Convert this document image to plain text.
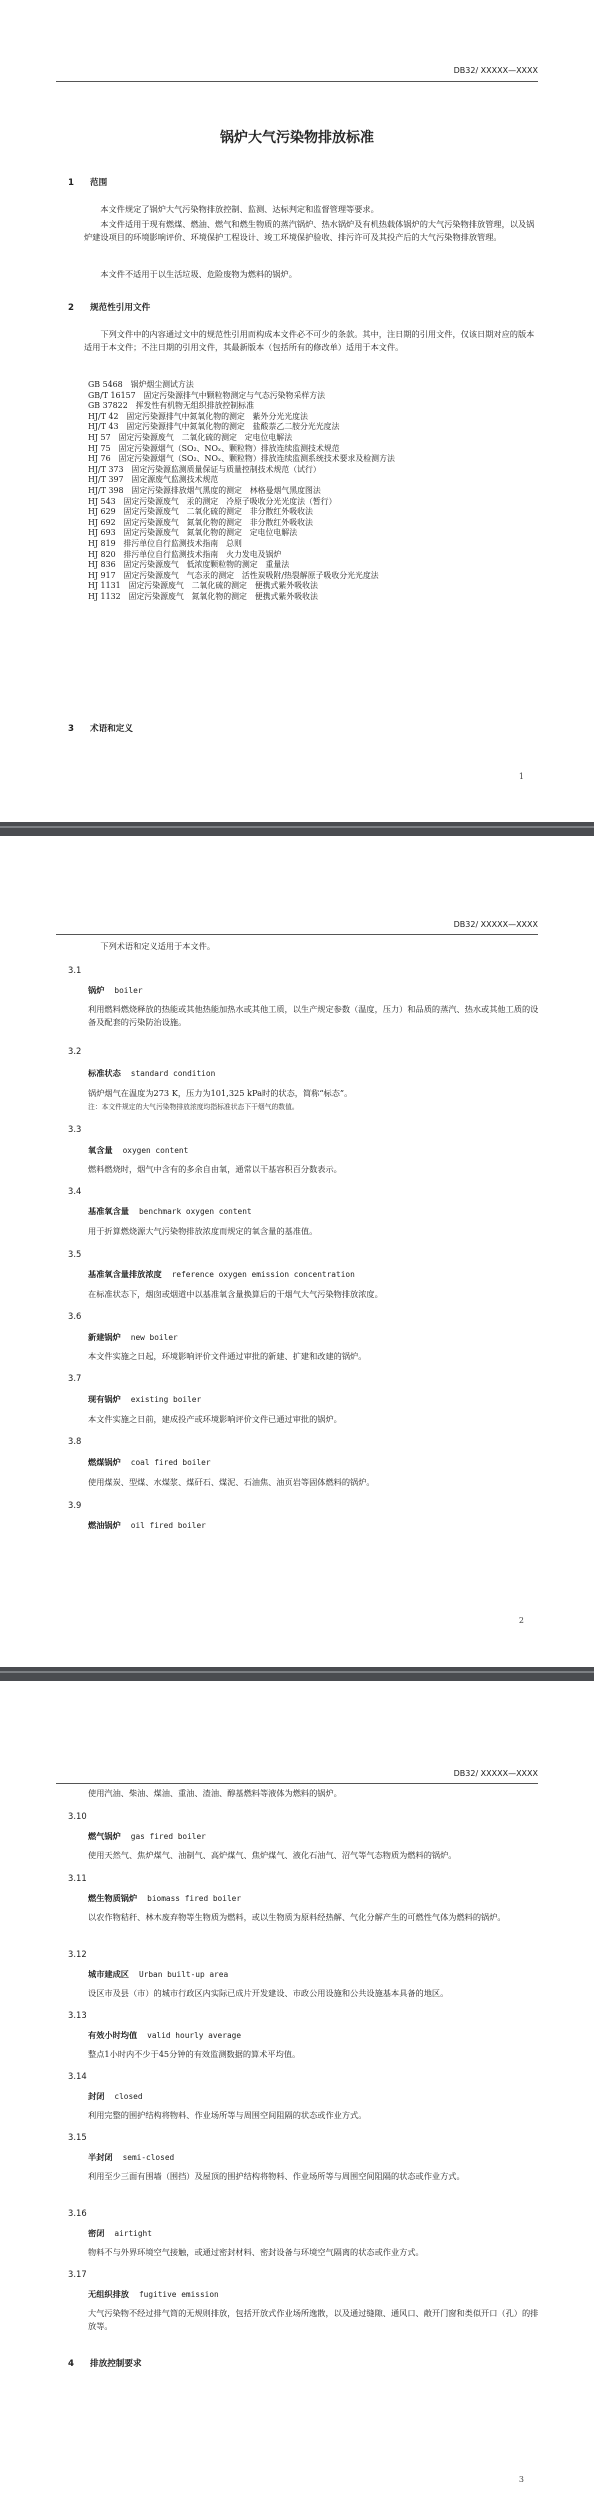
DB32/ XXXXX—XXXX
锅炉大气污染物排放标准
1 范围
本文件规定了锅炉大气污染物排放控制、监测、达标判定和监督管理等要求。
本文件适用于现有燃煤、燃油、燃气和燃生物质的蒸汽锅炉、热水锅炉及有机热载体锅炉的大气污染物排放管理，以及锅炉建设项目的环境影响评价、环境保护工程设计、竣工环境保护验收、排污许可及其投产后的大气污染物排放管理。
本文件不适用于以生活垃圾、危险废物为燃料的锅炉。
2 规范性引用文件
下列文件中的内容通过文中的规范性引用而构成本文件必不可少的条款。其中，注日期的引用文件，仅该日期对应的版本适用于本文件；不注日期的引用文件，其最新版本（包括所有的修改单）适用于本文件。
GB 5468　锅炉烟尘测试方法
GB/T 16157　固定污染源排气中颗粒物测定与气态污染物采样方法
GB 37822　挥发性有机物无组织排放控制标准
HJ/T 42　固定污染源排气中氮氧化物的测定　紫外分光光度法
HJ/T 43　固定污染源排气中氮氧化物的测定　盐酸萘乙二胺分光光度法
HJ 57　固定污染源废气　二氧化硫的测定　定电位电解法
HJ 75　固定污染源烟气（SO₂、NOₓ、颗粒物）排放连续监测技术规范
HJ 76　固定污染源烟气（SO₂、NOₓ、颗粒物）排放连续监测系统技术要求及检测方法
HJ/T 373　固定污染源监测质量保证与质量控制技术规范（试行）
HJ/T 397　固定源废气监测技术规范
HJ/T 398　固定污染源排放烟气黑度的测定　林格曼烟气黑度图法
HJ 543　固定污染源废气　汞的测定　冷原子吸收分光光度法（暂行）
HJ 629　固定污染源废气　二氧化硫的测定　非分散红外吸收法
HJ 692　固定污染源废气　氮氧化物的测定　非分散红外吸收法
HJ 693　固定污染源废气　氮氧化物的测定　定电位电解法
HJ 819　排污单位自行监测技术指南　总则
HJ 820　排污单位自行监测技术指南　火力发电及锅炉
HJ 836　固定污染源废气　低浓度颗粒物的测定　重量法
HJ 917　固定污染源废气　气态汞的测定　活性炭吸附/热裂解原子吸收分光光度法
HJ 1131　固定污染源废气　二氧化硫的测定　便携式紫外吸收法
HJ 1132　固定污染源废气　氮氧化物的测定　便携式紫外吸收法
3 术语和定义
1
DB32/ XXXXX—XXXX
下列术语和定义适用于本文件。
3.1
锅炉 boiler
利用燃料燃烧释放的热能或其他热能加热水或其他工质，以生产规定参数（温度，压力）和品质的蒸汽、热水或其他工质的设备及配套的污染防治设施。
3.2
标准状态 standard condition
锅炉烟气在温度为273 K，压力为101,325 kPa时的状态，简称“标态”。
注：本文件规定的大气污染物排放浓度均指标准状态下干烟气的数值。
3.3
氧含量 oxygen content
燃料燃烧时，烟气中含有的多余自由氧，通常以干基容积百分数表示。
3.4
基准氧含量 benchmark oxygen content
用于折算燃烧源大气污染物排放浓度而规定的氧含量的基准值。
3.5
基准氧含量排放浓度 reference oxygen emission concentration
在标准状态下，烟囱或烟道中以基准氧含量换算后的干烟气大气污染物排放浓度。
3.6
新建锅炉 new boiler
本文件实施之日起，环境影响评价文件通过审批的新建、扩建和改建的锅炉。
3.7
现有锅炉 existing boiler
本文件实施之日前，建成投产或环境影响评价文件已通过审批的锅炉。
3.8
燃煤锅炉 coal fired boiler
使用煤炭、型煤、水煤浆、煤矸石、煤泥、石油焦、油页岩等固体燃料的锅炉。
3.9
燃油锅炉 oil fired boiler
2
DB32/ XXXXX—XXXX
使用汽油、柴油、煤油、重油、渣油、醇基燃料等液体为燃料的锅炉。
3.10
燃气锅炉 gas fired boiler
使用天然气、焦炉煤气、油制气、高炉煤气、焦炉煤气、液化石油气、沼气等气态物质为燃料的锅炉。
3.11
燃生物质锅炉 biomass fired boiler
以农作物秸秆、林木废弃物等生物质为燃料，或以生物质为原料经热解、气化分解产生的可燃性气体为燃料的锅炉。
3.12
城市建成区 Urban built-up area
设区市及县（市）的城市行政区内实际已成片开发建设、市政公用设施和公共设施基本具备的地区。
3.13
有效小时均值 valid hourly average
整点1小时内不少于45分钟的有效监测数据的算术平均值。
3.14
封闭 closed
利用完整的围护结构将物料、作业场所等与周围空间阻隔的状态或作业方式。
3.15
半封闭 semi-closed
利用至少三面有围墙（围挡）及屋顶的围护结构将物料、作业场所等与周围空间阻隔的状态或作业方式。
3.16
密闭 airtight
物料不与外界环境空气接触，或通过密封材料、密封设备与环境空气隔离的状态或作业方式。
3.17
无组织排放 fugitive emission
大气污染物不经过排气筒的无规则排放，包括开放式作业场所逸散，以及通过缝隙、通风口、敞开门窗和类似开口（孔）的排放等。
4 排放控制要求
3
